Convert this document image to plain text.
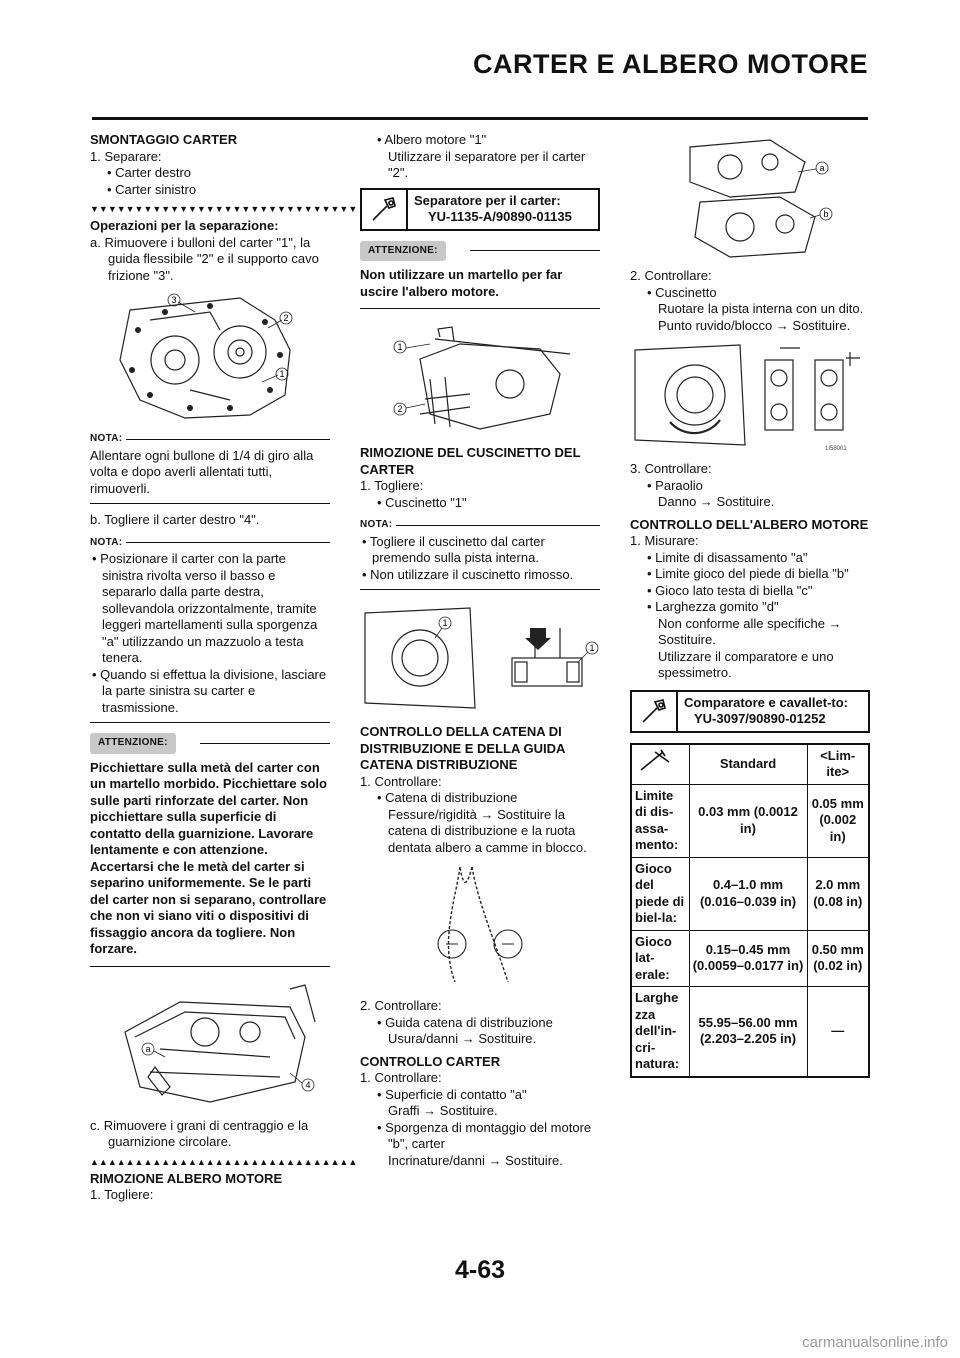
CARTER E ALBERO MOTORE
SMONTAGGIO CARTER
1. Separare:
• Carter destro
• Carter sinistro
▼▼▼▼▼▼▼▼▼▼▼▼▼▼▼▼▼▼▼▼▼▼▼▼▼▼▼▼▼▼
Operazioni per la separazione:
a. Rimuovere i bulloni del carter "1", la guida flessibile "2" e il supporto cavo frizione "3".
3
2
1
NOTA:
Allentare ogni bullone di 1/4 di giro alla volta e dopo averli allentati tutti, rimuoverli.
b. Togliere il carter destro "4".
NOTA:
• Posizionare il carter con la parte sinistra rivolta verso il basso e separarlo dalla parte destra, sollevandola orizzontalmente, tramite leggeri martellamenti sulla sporgenza "a" utilizzando un mazzuolo a testa tenera.
• Quando si effettua la divisione, lasciare la parte sinistra su carter e trasmissione.
ATTENZIONE:
Picchiettare sulla metà del carter con un martello morbido. Picchiettare solo sulle parti rinforzate del carter. Non picchiettare sulla superficie di contatto della guarnizione. Lavorare lentamente e con attenzione. Accertarsi che le metà del carter si separino uniformemente. Se le parti del carter non si separano, controllare che non vi siano viti o dispositivi di fissaggio ancora da togliere. Non forzare.
a
4
c. Rimuovere i grani di centraggio e la guarnizione circolare.
▲▲▲▲▲▲▲▲▲▲▲▲▲▲▲▲▲▲▲▲▲▲▲▲▲▲▲▲▲▲
RIMOZIONE ALBERO MOTORE
1. Togliere:
• Albero motore "1"
Utilizzare il separatore per il carter "2".
Separatore per il carter:
YU-1135-A/90890-01135
ATTENZIONE:
Non utilizzare un martello per far uscire l'albero motore.
1
2
RIMOZIONE DEL CUSCINETTO DEL CARTER
1. Togliere:
• Cuscinetto "1"
NOTA:
• Togliere il cuscinetto dal carter premendo sulla pista interna.
• Non utilizzare il cuscinetto rimosso.
1
1
CONTROLLO DELLA CATENA DI DISTRIBUZIONE E DELLA GUIDA CATENA DISTRIBUZIONE
1. Controllare:
• Catena di distribuzione
Fessure/rigidità → Sostituire la catena di distribuzione e la ruota dentata albero a camme in blocco.
2. Controllare:
• Guida catena di distribuzione
Usura/danni → Sostituire.
CONTROLLO CARTER
1. Controllare:
• Superficie di contatto "a"
Graffi → Sostituire.
• Sporgenza di montaggio del motore "b", carter
Incrinature/danni → Sostituire.
a
b
2. Controllare:
• Cuscinetto
Ruotare la pista interna con un dito.
Punto ruvido/blocco → Sostituire.
1I58001
3. Controllare:
• Paraolio
Danno → Sostituire.
CONTROLLO DELL'ALBERO MOTORE
1. Misurare:
• Limite di disassamento "a"
• Limite gioco del piede di biella "b"
• Gioco lato testa di biella "c"
• Larghezza gomito "d"
Non conforme alle specifiche →
Sostituire.
Utilizzare il comparatore e uno spessimetro.
Comparatore e cavallet-to:
YU-3097/90890-01252
	Standard	<Lim-ite>
Limite di dis-assa-mento:	0.03 mm (0.0012 in)	0.05 mm (0.002 in)
Gioco del piede di biel-la:	0.4–1.0 mm (0.016–0.039 in)	2.0 mm (0.08 in)
Gioco lat-erale:	0.15–0.45 mm (0.0059–0.0177 in)	0.50 mm (0.02 in)
Larghe zza dell'in-cri-natura:	55.95–56.00 mm (2.203–2.205 in)	—
4-63
carmanualsonline.info
